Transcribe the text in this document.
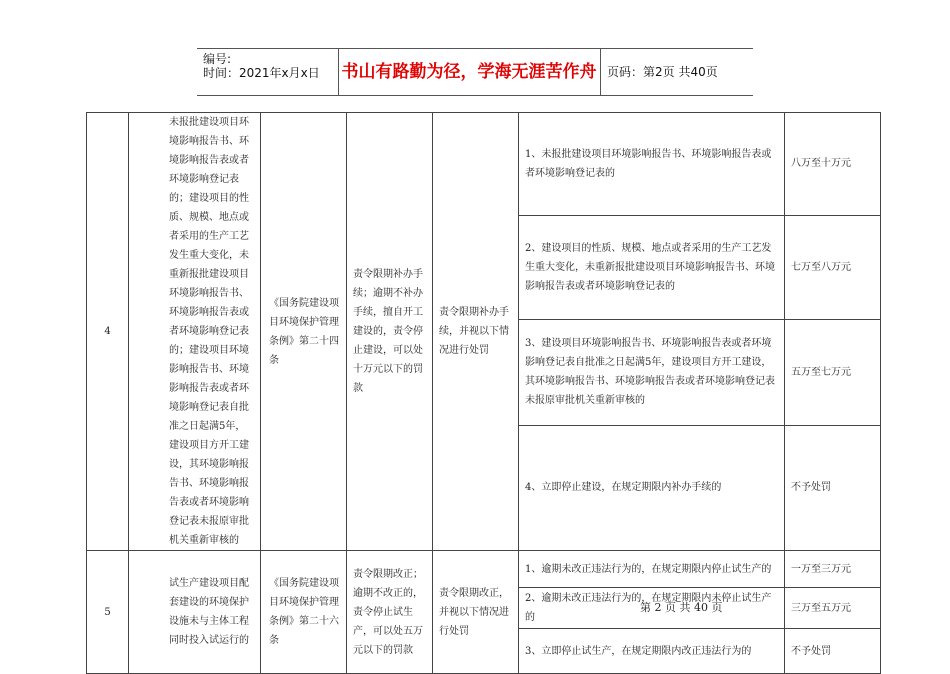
编号:
时间：2021年x月x日 书山有路勤为径，学海无涯苦作舟 页码：第2页 共40页
4	未报批建设项目环境影响报告书、环境影响报告表或者环境影响登记表的；建设项目的性质、规模、地点或者采用的生产工艺发生重大变化，未重新报批建设项目环境影响报告书、环境影响报告表或者环境影响登记表的；建设项目环境影响报告书、环境影响报告表或者环境影响登记表自批准之日起满5年，建设项目方开工建设，其环境影响报告书、环境影响报告表或者环境影响登记表未报原审批机关重新审核的	《国务院建设项目环境保护管理条例》第二十四条	责令限期补办手续；逾期不补办手续，擅自开工建设的，责令停止建设，可以处十万元以下的罚款	责令限期补办手续，并视以下情况进行处罚	1、未报批建设项目环境影响报告书、环境影响报告表或者环境影响登记表的	八万至十万元
					2、建设项目的性质、规模、地点或者采用的生产工艺发生重大变化，未重新报批建设项目环境影响报告书、环境影响报告表或者环境影响登记表的	七万至八万元
					3、建设项目环境影响报告书、环境影响报告表或者环境影响登记表自批准之日起满5年，建设项目方开工建设，其环境影响报告书、环境影响报告表或者环境影响登记表未报原审批机关重新审核的	五万至七万元
					4、立即停止建设，在规定期限内补办手续的	不予处罚
5	试生产建设项目配套建设的环境保护设施未与主体工程同时投入试运行的	《国务院建设项目环境保护管理条例》第二十六条	责令限期改正；逾期不改正的，责令停止试生产，可以处五万元以下的罚款	责令限期改正，并视以下情况进行处罚	1、逾期未改正违法行为的，在规定期限内停止试生产的	一万至三万元
					2、逾期未改正违法行为的，在规定期限内未停止试生产的	三万至五万元
					3、立即停止试生产，在规定期限内改正违法行为的	不予处罚
第 2 页 共 40 页
